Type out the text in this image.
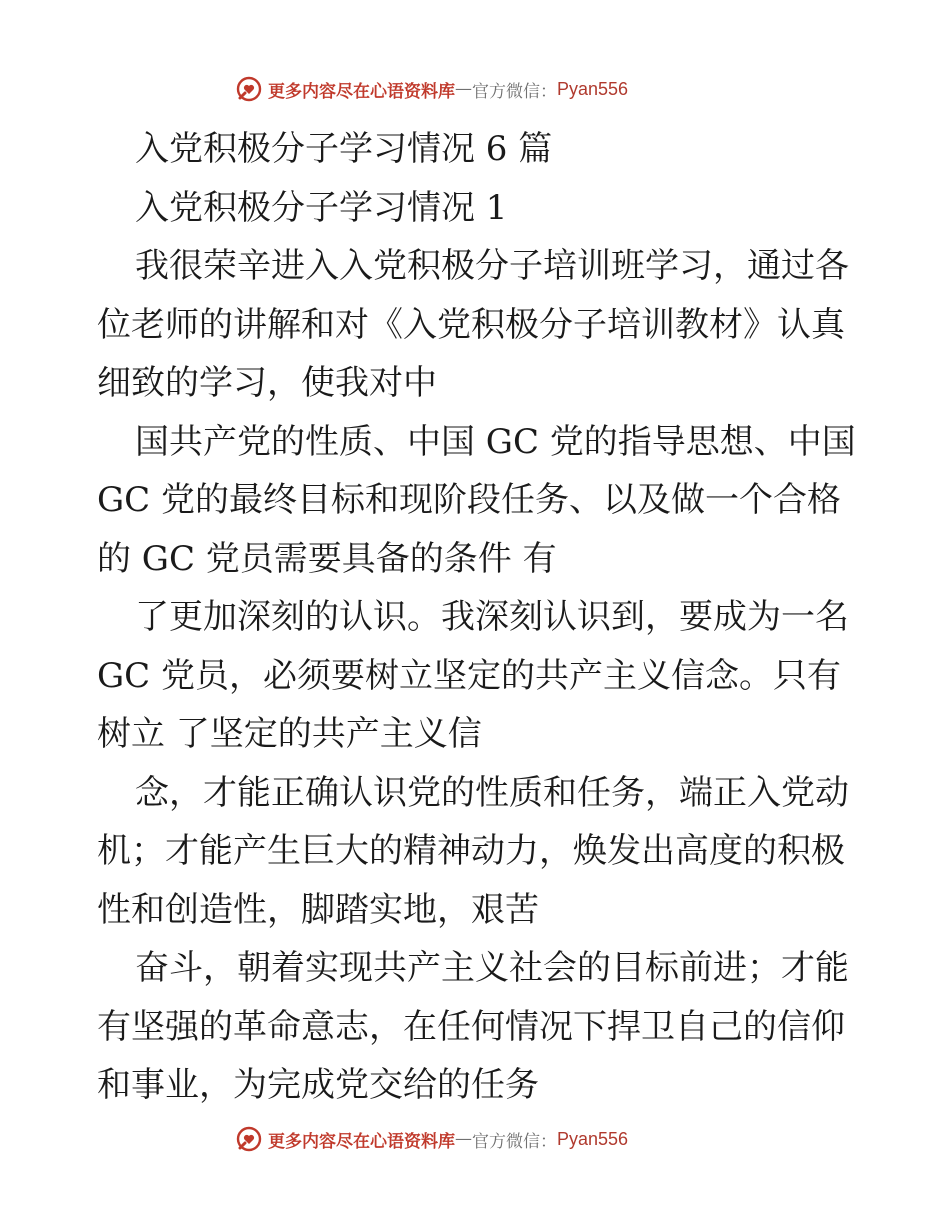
更多内容尽在心语资料库 — 官方微信： Pyan556
入党积极分子学习情况 6 篇
入党积极分子学习情况 1
我很荣辛进入入党积极分子培训班学习，通过各
位老师的讲解和对《入党积极分子培训教材》认真
细致的学习，使我对中
国共产党的性质、中国 GC 党的指导思想、中国
GC 党的最终目标和现阶段任务、以及做一个合格
的 GC 党员需要具备的条件 有
了更加深刻的认识。我深刻认识到，要成为一名
GC 党员，必须要树立坚定的共产主义信念。只有
树立 了坚定的共产主义信
念，才能正确认识党的性质和任务，端正入党动
机；才能产生巨大的精神动力，焕发出高度的积极
性和创造性，脚踏实地，艰苦
奋斗，朝着实现共产主义社会的目标前进；才能
有坚强的革命意志，在任何情况下捍卫自己的信仰
和事业，为完成党交给的任务
更多内容尽在心语资料库 — 官方微信： Pyan556
